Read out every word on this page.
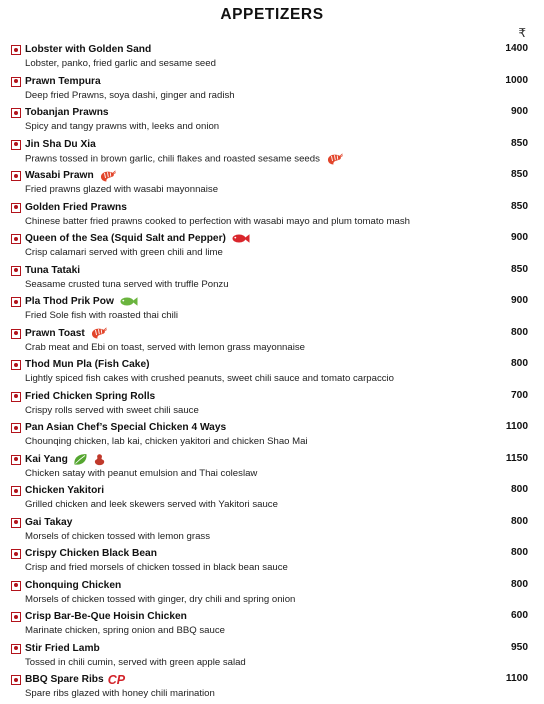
APPETIZERS
₹
Lobster with Golden Sand
Lobster, panko, fried garlic and sesame seed
1400
Prawn Tempura
Deep fried Prawns, soya dashi, ginger and radish
1000
Tobanjan Prawns
Spicy and tangy prawns with, leeks and onion
900
Jin Sha Du Xia
Prawns tossed in brown garlic, chili flakes and roasted sesame seeds
850
Wasabi Prawn
Fried prawns glazed with wasabi mayonnaise
850
Golden Fried Prawns
Chinese batter fried prawns cooked to perfection with wasabi mayo and plum tomato mash
850
Queen of the Sea (Squid Salt and Pepper)
Crisp calamari served with green chili and lime
900
Tuna Tataki
Seasame crusted tuna served with truffle Ponzu
850
Pla Thod Prik Pow
Fried Sole fish with roasted thai chili
900
Prawn Toast
Crab meat and Ebi on toast, served with lemon grass mayonnaise
800
Thod Mun Pla (Fish Cake)
Lightly spiced fish cakes with crushed peanuts, sweet chili sauce and tomato carpaccio
800
Fried Chicken Spring Rolls
Crispy rolls served with sweet chili sauce
700
Pan Asian Chef’s Special Chicken 4 Ways
Chounqing chicken, lab kai, chicken yakitori and chicken Shao Mai
1100
Kai Yang
Chicken satay with peanut emulsion and Thai coleslaw
1150
Chicken Yakitori
Grilled chicken and leek skewers served with Yakitori sauce
800
Gai Takay
Morsels of chicken tossed with lemon grass
800
Crispy Chicken Black Bean
Crisp and fried morsels of chicken tossed in black bean sauce
800
Chonquing Chicken
Morsels of chicken tossed with ginger, dry chili and spring onion
800
Crisp Bar-Be-Que Hoisin Chicken
Marinate chicken, spring onion and BBQ sauce
600
Stir Fried Lamb
Tossed in chili cumin, served with green apple salad
950
BBQ Spare Ribs CP
Spare ribs glazed with honey chili marination
1100
